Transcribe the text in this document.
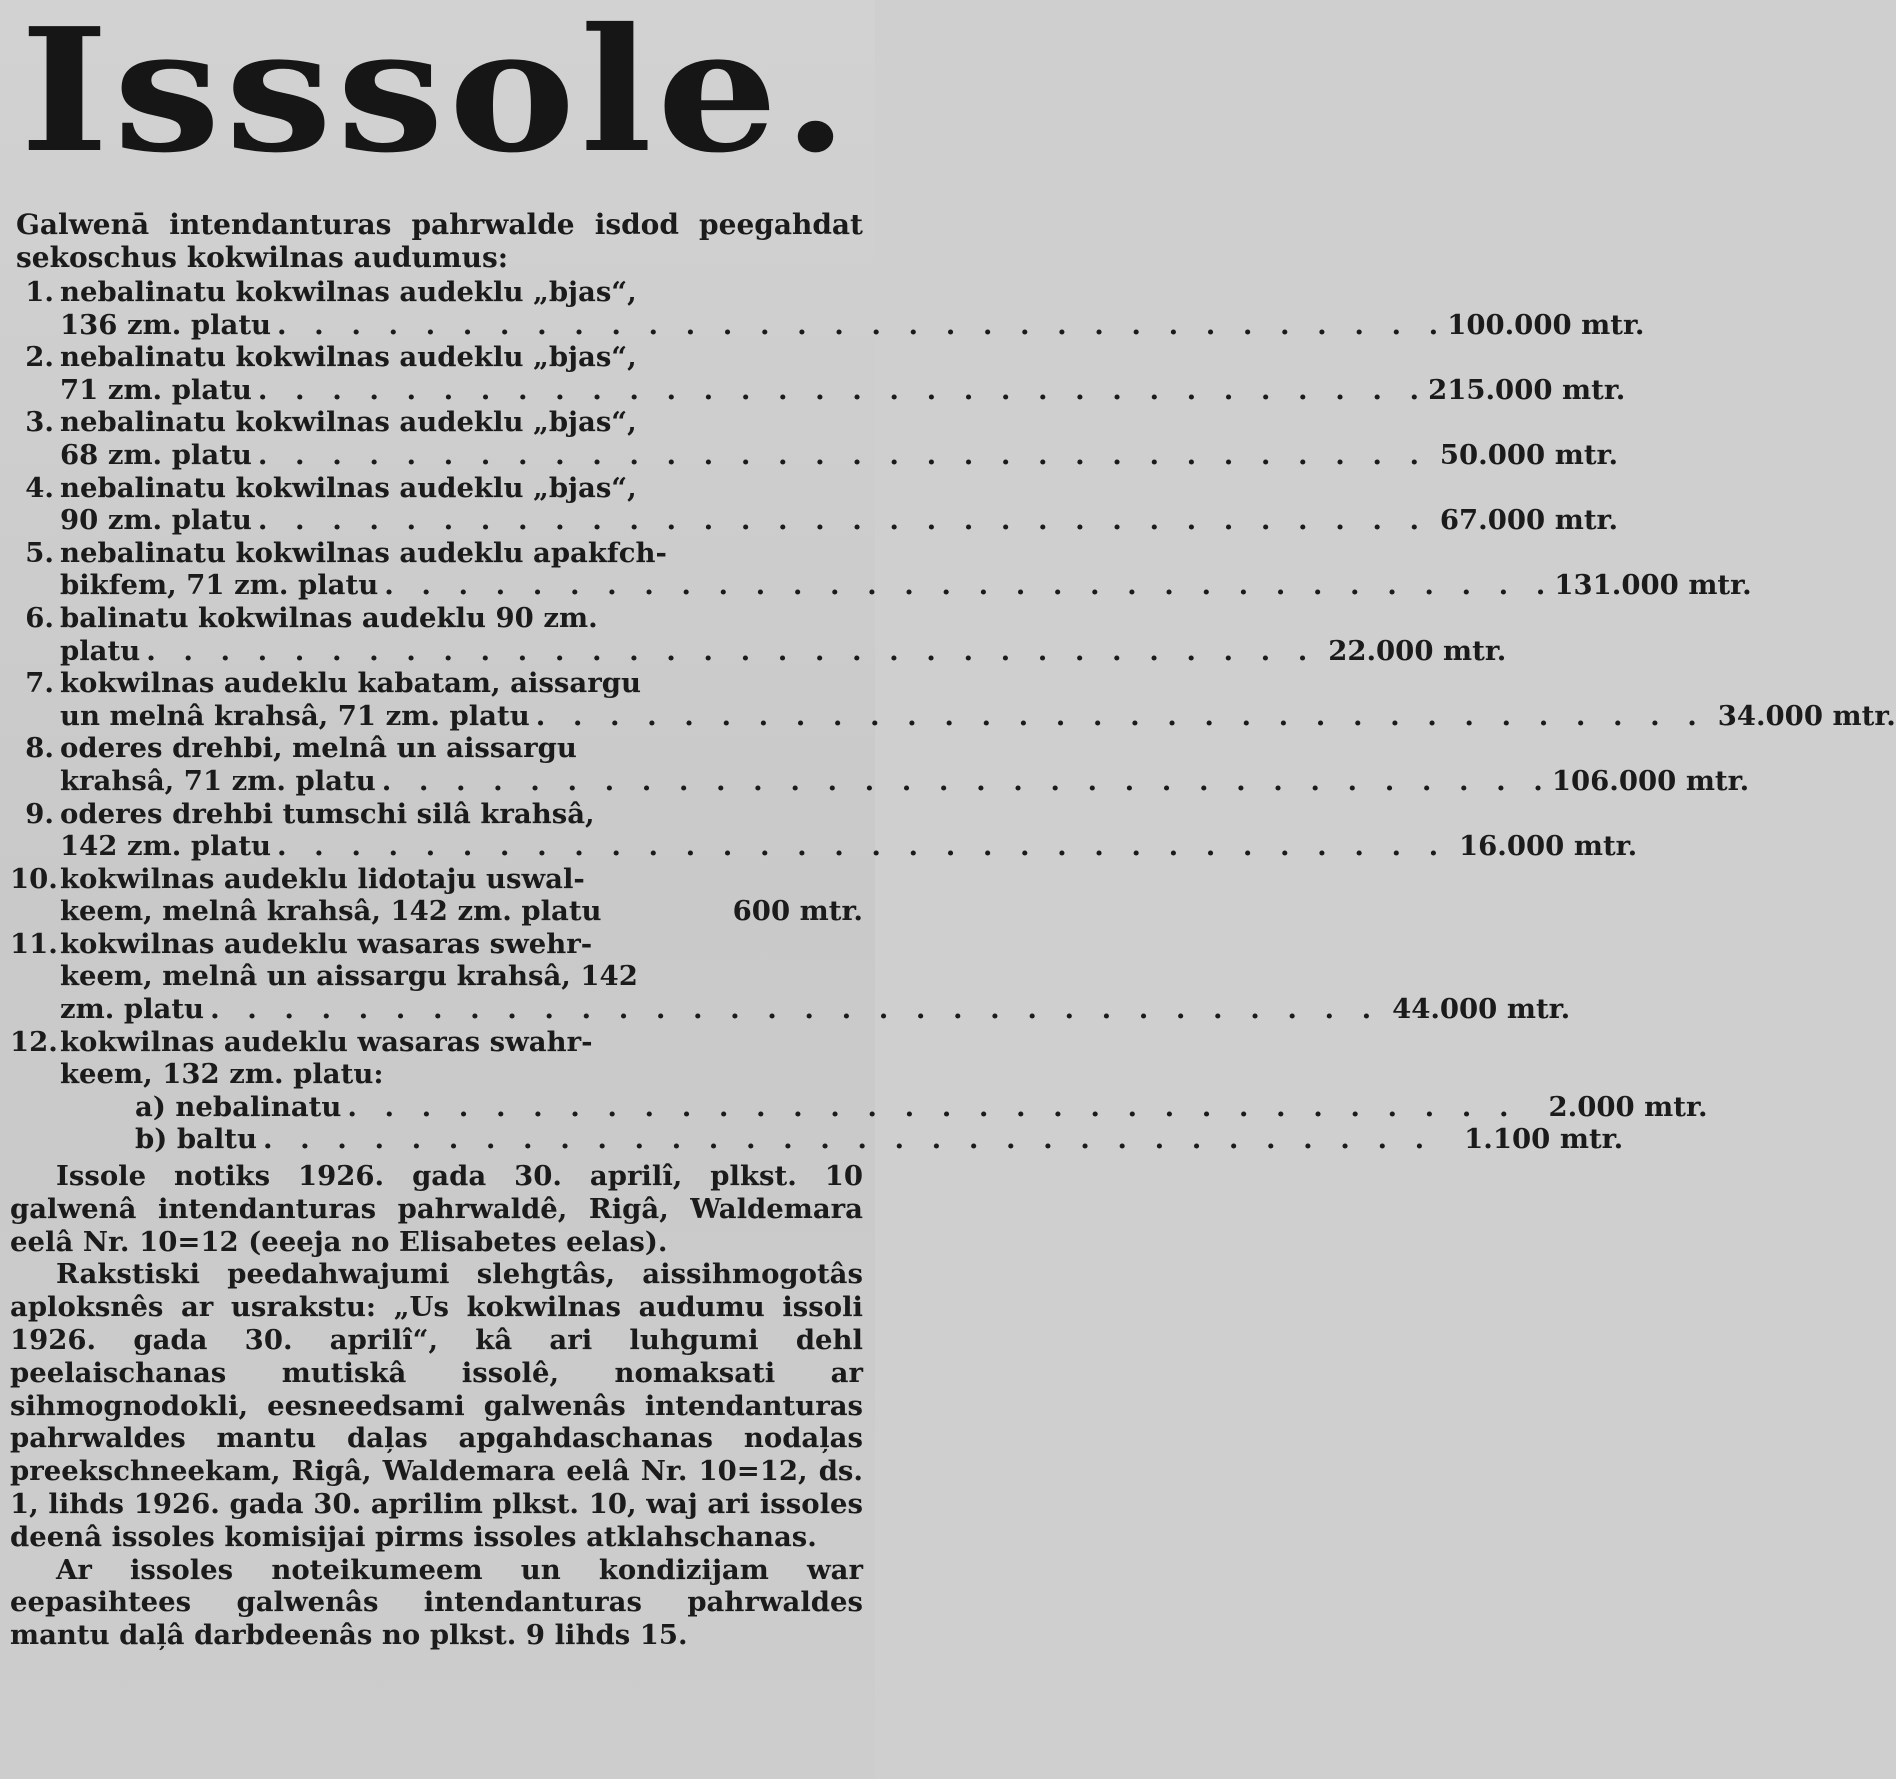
Isssole.
Galwenā intendanturas pahrwalde isdod peegahdat sekoschus kokwilnas audumus:
1. nebalinatu kokwilnas audeklu „bjas“,
136 zm. platu . . . . . . . . . . . . . . . . . . . . . . . . . . . . . . . . 100.000 mtr.
2. nebalinatu kokwilnas audeklu „bjas“,
71 zm. platu . . . . . . . . . . . . . . . . . . . . . . . . . . . . . . . . 215.000 mtr.
3. nebalinatu kokwilnas audeklu „bjas“,
68 zm. platu . . . . . . . . . . . . . . . . . . . . . . . . . . . . . . . . 50.000 mtr.
4. nebalinatu kokwilnas audeklu „bjas“,
90 zm. platu . . . . . . . . . . . . . . . . . . . . . . . . . . . . . . . . 67.000 mtr.
5. nebalinatu kokwilnas audeklu apakfch-
bikfem, 71 zm. platu . . . . . . . . . . . . . . . . . . . . . . . . . . . . . . . . 131.000 mtr.
6. balinatu kokwilnas audeklu 90 zm.
platu . . . . . . . . . . . . . . . . . . . . . . . . . . . . . . . . 22.000 mtr.
7. kokwilnas audeklu kabatam, aissargu
un melnâ krahsâ, 71 zm. platu . . . . . . . . . . . . . . . . . . . . . . . . . . . . . . . . 34.000 mtr.
8. oderes drehbi, melnâ un aissargu
krahsâ, 71 zm. platu . . . . . . . . . . . . . . . . . . . . . . . . . . . . . . . . 106.000 mtr.
9. oderes drehbi tumschi silâ krahsâ,
142 zm. platu . . . . . . . . . . . . . . . . . . . . . . . . . . . . . . . . 16.000 mtr.
10. kokwilnas audeklu lidotaju uswal-
keem, melnâ krahsâ, 142 zm. platu	600 mtr.
11. kokwilnas audeklu wasaras swehr-
keem, melnâ un aissargu krahsâ, 142
zm. platu . . . . . . . . . . . . . . . . . . . . . . . . . . . . . . . . 44.000 mtr.
12. kokwilnas audeklu wasaras swahr-
keem, 132 zm. platu:
a) nebalinatu . . . . . . . . . . . . . . . . . . . . . . . . . . . . . . . .	2.000 mtr.
b) baltu . . . . . . . . . . . . . . . . . . . . . . . . . . . . . . . .	1.100 mtr.

Issole notiks 1926. gada 30. aprilî, plkst. 10 galwenâ intendanturas pahrwaldê, Rigâ, Waldemara eelâ Nr. 10=12 (eeeja no Elisabetes eelas).

Rakstiski peedahwajumi slehgtâs, aissihmogotâs aploksnês ar usrakstu: „Us kokwilnas audumu issoli 1926. gada 30. aprilî“, kâ ari luhgumi dehl peelaischanas mutiskâ issolê, nomaksati ar sihmognodokli, eesneedsami galwenâs intendanturas pahrwaldes mantu daļas apgahdaschanas nodaļas preekschneekam, Rigâ, Waldemara eelâ Nr. 10=12, ds. 1, lihds 1926. gada 30. aprilim plkst. 10, waj ari issoles deenâ issoles komisijai pirms issoles atklahschanas.

Ar issoles noteikumeem un kondizijam war eepasihtees galwenâs intendanturas pahrwaldes mantu daļâ darbdeenâs no plkst. 9 lihds 15.
